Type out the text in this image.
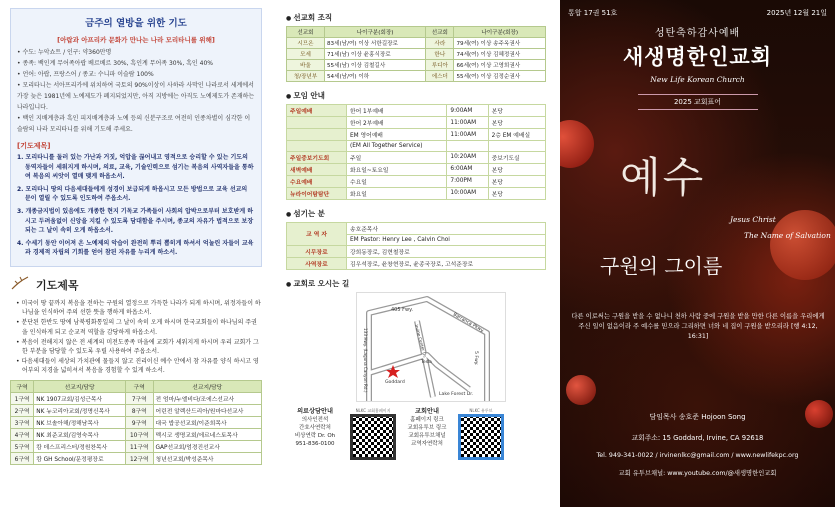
금주의 열방을 위한 기도
[아랍과 아프리카 문화가 만나는 나라 모리타니를 위해]
• 수도: 누악쇼트 / 인구: 약360만명
• 종족: 백인계 무어족아랍 베르베르 30%, 흑인계 무어족 30%, 흑인 40%
• 언어: 아랍, 프랑스어 / 종교: 수니파 이슬람 100%
• 모리타니는 서아프리카에 위치하여 국토의 90%이상이 사하라 사막인 나라로서 세계에서 가장 늦은 1981년에 노예제도가 폐지되었지만, 아직 지방에는 아직도 노예제도가 존재하는 나라입니다.
• 백인 지배계층과 흑인 피지배계층과 노예 등의 신분구조로 여전히 인종차별이 심각한 이슬람의 나라 모리타니를 위해 기도해 주세요.
[기도제목]
1. 모리타니를 둘러 있는 가난과 거짓, 억압을 끊어내고 영적으로 승리할 수 있는 기도의 동역자들이 세워지게 하시며, 의료, 교육, 기술인력으로 섬기는 복음의 사역자들을 통하여 복음의 씨앗이 열매 맺게 하옵소서.
2. 모리타니 땅의 다음세대들에게 성경이 보급되게 하옵시고 모든 방법으로 교육 선교의 문이 열릴 수 있도록 인도하여 주옵소서.
3. 개종금지법이 있음에도 개종한 현지 기독교 가족들이 사회의 압박으로부터 보호받게 하시고 두려움없이 신앙을 지킬 수 있도록 담대함을 주시며, 종교의 자유가 법적으로 보장되는 그 날이 속히 오게 하옵소서.
4. 수세기 동안 이어져 온 노예제의 악습이 완전히 뿌리 뽑히게 하셔서 억눌린 자들이 교육과 경제적 자립의 기회를 얻어 참된 자유를 누리게 하소서.
기도제목
• 미국이 땅 끝까지 복음을 전하는 구원의 열정으로 가득한 나라가 되게 하시며, 위정자들이 하나님을 인식하여 주의 선한 뜻을 행하게 하옵소서.
• 분단된 한반도 땅에 남북평화통일의 그 날이 속히 오게 하시며 한국교회들이 하나님의 주권을 인식하게 되고 순교적 역할을 감당하게 하옵소서.
• 복음이 전해지지 않은 전 세계의 미전도종족 마을에 교회가 세워지게 하시며 우리 교회가 그 한 부분을 담당할 수 있도록 우릴 사용하여 주옵소서.
• 다음세대들이 세상의 가치관에 물들지 않고 진리이신 예수 안에서 참 자유를 양식 하시고 영어부의 지경을 넓히셔서 복음을 경험할 수 있게 하소서.
구역	선교지/담당	구역	선교지/담당
1구역	NK 1907교회/김성근목사	7구역	전 엄마/누엘비다/조에스선교사
2구역	NK 뉴코리아교회/정명신목사	8구역	어린전 알렉산드리아/원마다선교사
3구역	NK 브솔아해/정해남목사	9구역	대국 밥공선교회/이준희목사
4구역	NK 최준교회/김영숙목사	10구역	멕시코 생명교회/에르네스토목사
5구역	캄 데스프리스터/정원찬목사	11구역	GAP선교회/엄경진선교사
6구역	캄 GH School/문정평장로	12구역	청년선교회/박성준목사
● 선교회 조직
선교회	나이구분(회장)	선교회	나이구분(회장)
시므온	83세(남/여) 이상 서한길장로	사라	79세(여) 이상 송주옥권사
모세	71세(남) 이상 윤홍식장로	한나	74세(여) 이상 김혜정권사
바울	55세(남) 이상 김철길사	루디아	66세(여) 이상 고영희권사
청/장년부	54세(남/여) 이하	에스더	55세(여) 이상 김정순권사
● 모임 안내
주일예배	한어 1부예배	9:00AM	본당
	한어 2부예배	11:00AM	본당
	EM 영어예배	11:00AM	2층 EM 예배실
	(EM All Together Service)		
주일중보기도회	주일	10:20AM	중보기도실
새벽예배	화요일~토요일	6:00AM	본당
수요예배	수요일	7:00PM	본당
뉴라이어탐탐단	화요일	10:00AM	본당
● 섬기는 분
교 역 자	송호준목사
	EM Pastor: Henry Lee , Calvin Choi
시무장로	강희동장로, 김현철장로
사역장로	김우석장로, 윤창현장로, 윤종국장로, 고석준장로
● 교회로 오시는 길
405 Fwy.
133 Hwy. (Laguna Canyon Rd.)	Irvine Center Dr.
Barranca Pkwy.
5 Fwy.
Tesla
Goddard
Lake Forest Dr.
의료상담안내
의사인전석
간호사연락처
비상연락 Dr. Oh
951-836-0100
NLKC 교회홈페이지	교회안내
홈페이지 링크
교회유투브 링크
교회유투브채널
교역자연락처
NLKC 유투브
통합 17권 51호	2025년 12월 21일
성탄축하감사예배
새생명한인교회
New Life Korean Church
2025 교회표어
예수
Jesus Christ
The Name of Salvation
구원의 그이름
다른 이로써는 구원을 받을 수 없나니 천하 사람 중에 구원을 받을 만한 다른 이름을 우리에게 주신 일이 없음이라 주 예수를 믿으라 그리하면 너와 네 집이 구원을 받으리라 [행 4:12, 16:31]
담임목사 송호준 Hojoon Song
교회주소: 15 Goddard, Irvine, CA 92618
Tel. 949-341-0022 / irvinenlkc@gmail.com / www.newlifekpc.org
교회 유투브채널: www.youtube.com/@새생명한인교회
